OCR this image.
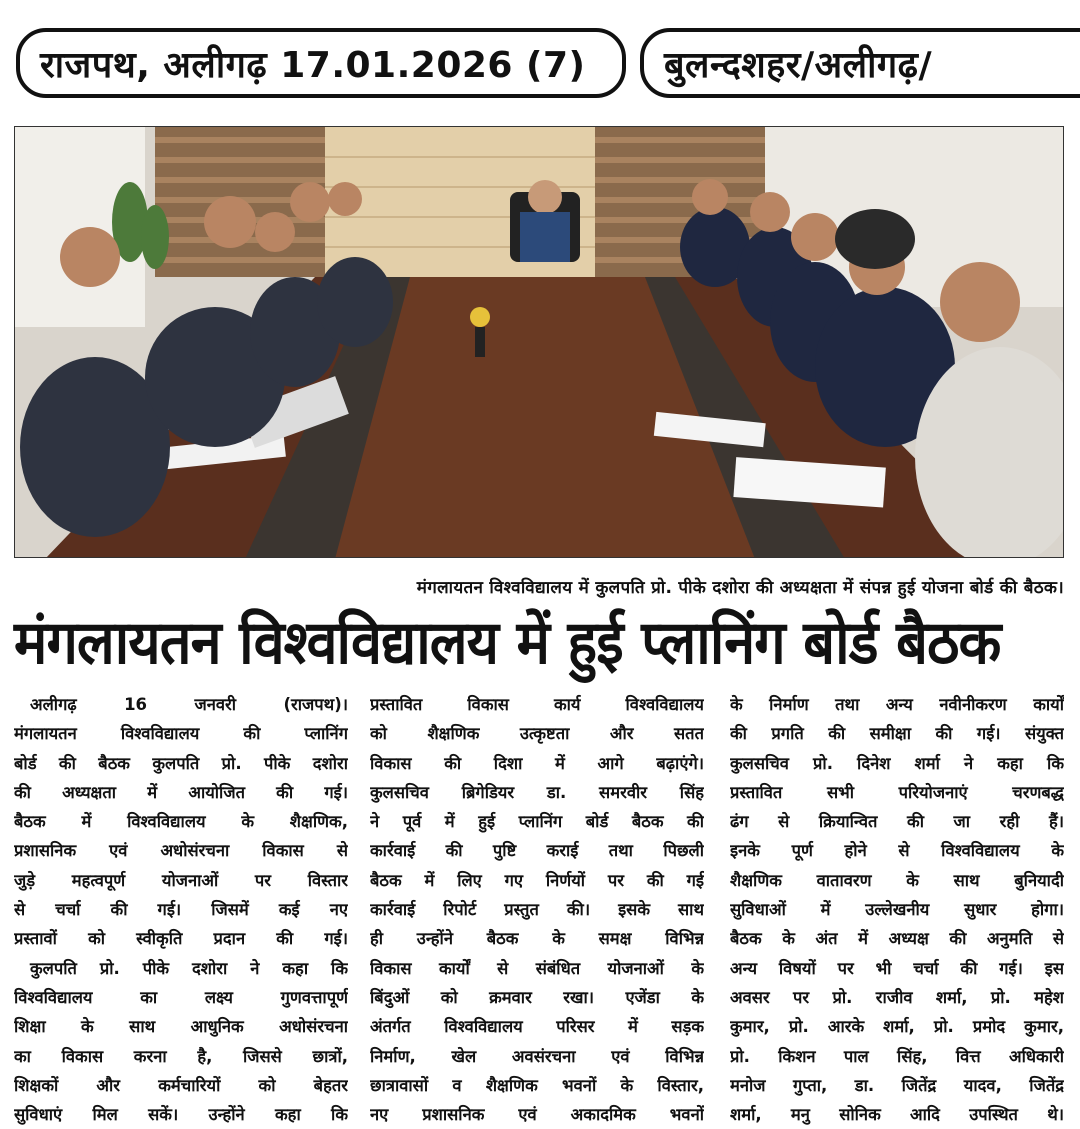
राजपथ, अलीगढ़ 17.01.2026 (7)	बुलन्दशहर/अलीगढ़/
मंगलायतन विश्वविद्यालय में कुलपति प्रो. पीके दशोरा की अध्यक्षता में संपन्न हुई योजना बोर्ड की बैठक।
मंगलायतन विश्वविद्यालय में हुई प्लानिंग बोर्ड बैठक
अलीगढ़ 16 जनवरी (राजपथ)।
मंगलायतन विश्वविद्यालय की प्लानिंग
बोर्ड की बैठक कुलपति प्रो. पीके दशोरा
की अध्यक्षता में आयोजित की गई।
बैठक में विश्वविद्यालय के शैक्षणिक,
प्रशासनिक एवं अधोसंरचना विकास से
जुड़े महत्वपूर्ण योजनाओं पर विस्तार
से चर्चा की गई। जिसमें कई नए
प्रस्तावों को स्वीकृति प्रदान की गई।
कुलपति प्रो. पीके दशोरा ने कहा कि
विश्वविद्यालय का लक्ष्य गुणवत्तापूर्ण
शिक्षा के साथ आधुनिक अधोसंरचना
का विकास करना है, जिससे छात्रों,
शिक्षकों और कर्मचारियों को बेहतर
सुविधाएं मिल सकें। उन्होंने कहा कि
प्रस्तावित विकास कार्य विश्वविद्यालय
को शैक्षणिक उत्कृष्टता और सतत
विकास की दिशा में आगे बढ़ाएंगे।
कुलसचिव ब्रिगेडियर डा. समरवीर सिंह
ने पूर्व में हुई प्लानिंग बोर्ड बैठक की
कार्रवाई की पुष्टि कराई तथा पिछली
बैठक में लिए गए निर्णयों पर की गई
कार्रवाई रिपोर्ट प्रस्तुत की। इसके साथ
ही उन्होंने बैठक के समक्ष विभिन्न
विकास कार्यों से संबंधित योजनाओं के
बिंदुओं को क्रमवार रखा। एजेंडा के
अंतर्गत विश्वविद्यालय परिसर में सड़क
निर्माण, खेल अवसंरचना एवं विभिन्न
छात्रावासों व शैक्षणिक भवनों के विस्तार,
नए प्रशासनिक एवं अकादमिक भवनों
के निर्माण तथा अन्य नवीनीकरण कार्यों
की प्रगति की समीक्षा की गई। संयुक्त
कुलसचिव प्रो. दिनेश शर्मा ने कहा कि
प्रस्तावित सभी परियोजनाएं चरणबद्ध
ढंग से क्रियान्वित की जा रही हैं।
इनके पूर्ण होने से विश्वविद्यालय के
शैक्षणिक वातावरण के साथ बुनियादी
सुविधाओं में उल्लेखनीय सुधार होगा।
बैठक के अंत में अध्यक्ष की अनुमति से
अन्य विषयों पर भी चर्चा की गई। इस
अवसर पर प्रो. राजीव शर्मा, प्रो. महेश
कुमार, प्रो. आरके शर्मा, प्रो. प्रमोद कुमार,
प्रो. किशन पाल सिंह, वित्त अधिकारी
मनोज गुप्ता, डा. जितेंद्र यादव, जितेंद्र
शर्मा, मनु सोनिक आदि उपस्थित थे।
